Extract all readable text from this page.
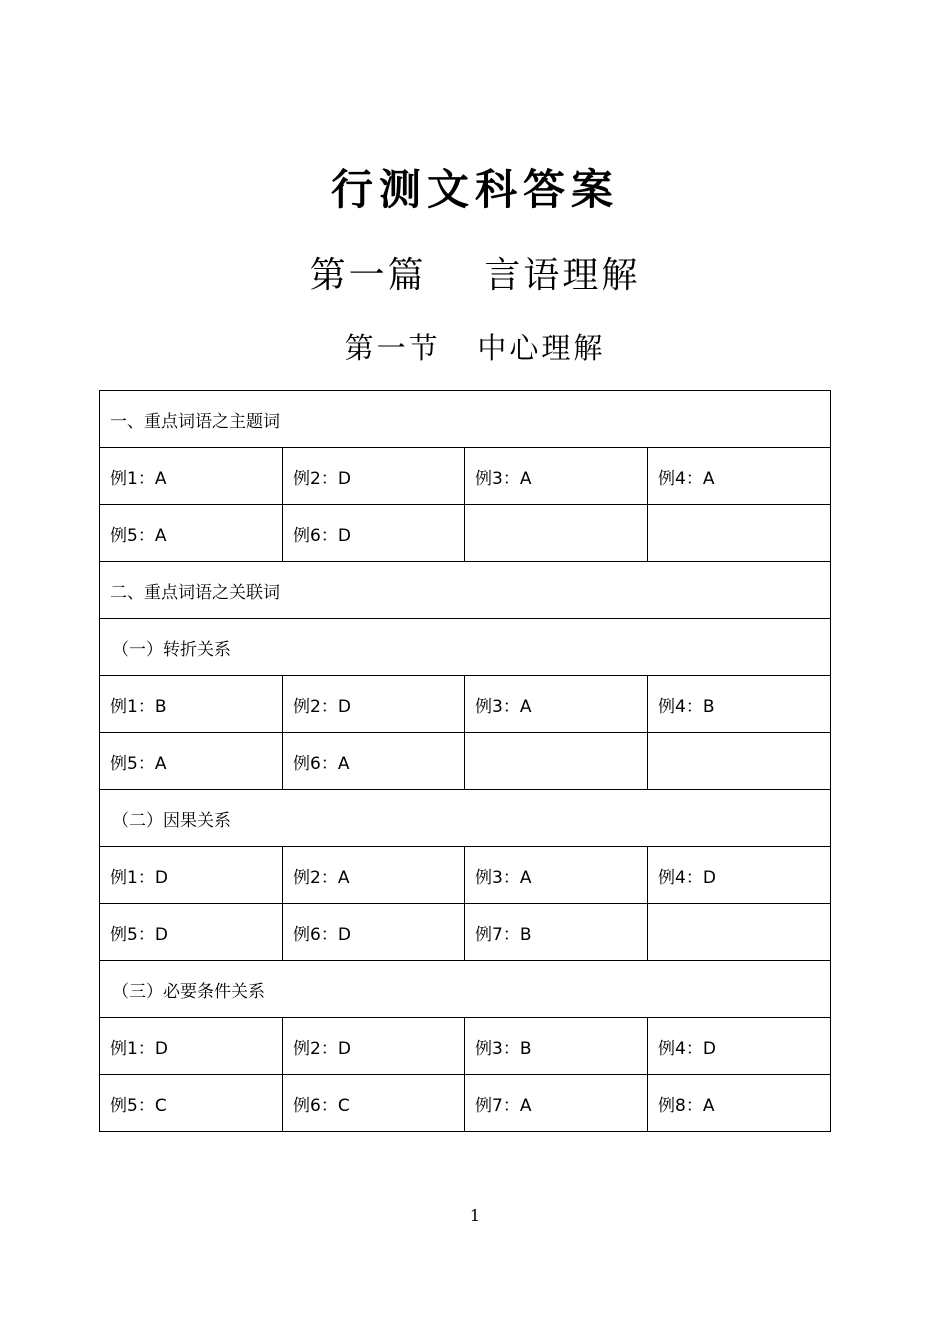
行测文科答案
第一篇    言语理解
第一节   中心理解
一、重点词语之主题词			
例1：A	例2：D	例3：A	例4：A
例5：A	例6：D		
二、重点词语之关联词			
（一）转折关系			
例1：B	例2：D	例3：A	例4：B
例5：A	例6：A		
（二）因果关系			
例1：D	例2：A	例3：A	例4：D
例5：D	例6：D	例7：B	
（三）必要条件关系			
例1：D	例2：D	例3：B	例4：D
例5：C	例6：C	例7：A	例8：A
1
